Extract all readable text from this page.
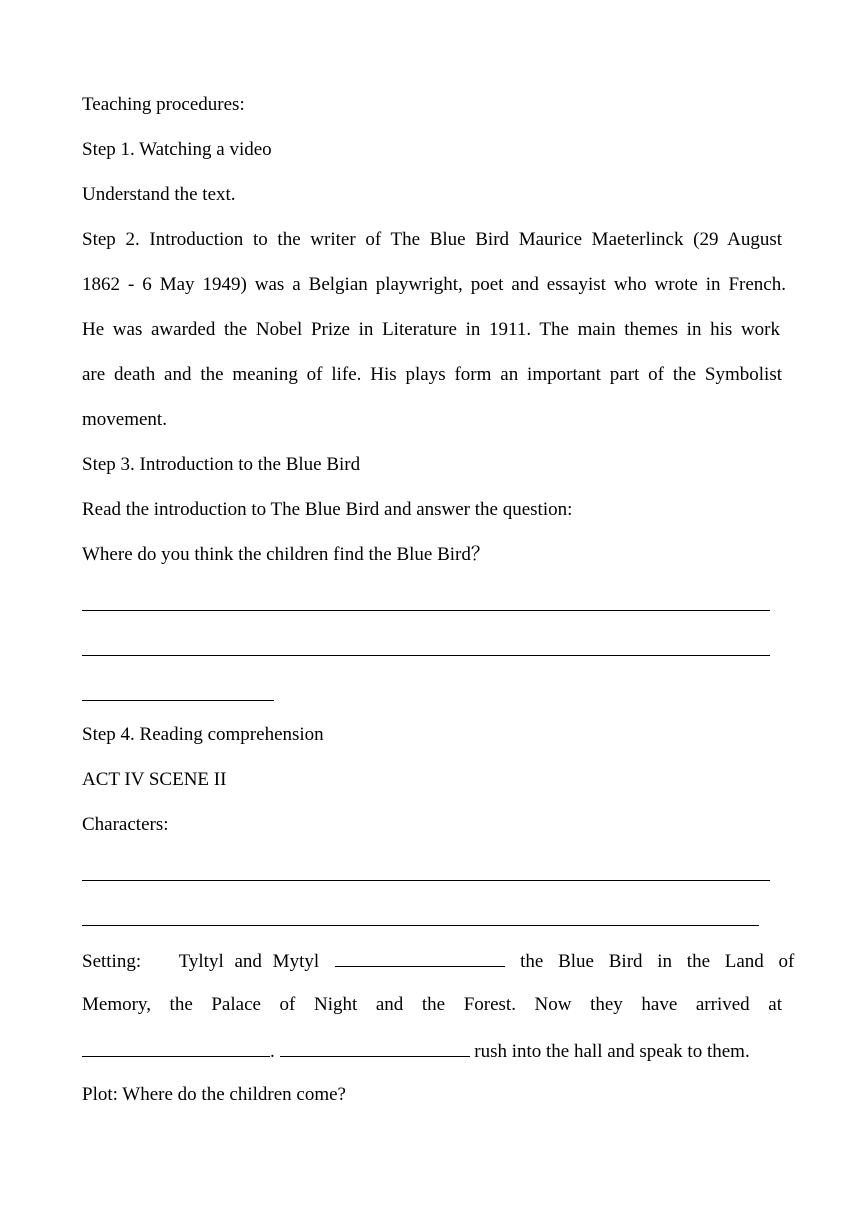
Teaching procedures:
Step 1. Watching a video
Understand the text.
Step 2. Introduction to the writer of The Blue Bird Maurice Maeterlinck (29 August
1862 - 6 May 1949) was a Belgian playwright, poet and essayist who wrote in French.
He was awarded the Nobel Prize in Literature in 1911. The main themes in his work
are death and the meaning of life. His plays form an important part of the Symbolist
movement.
Step 3. Introduction to the Blue Bird
Read the introduction to The Blue Bird and answer the question:
Where do you think the children find the Blue Bird？
Step 4. Reading comprehension
ACT IV SCENE II
Characters:
Setting: Tyltyl and Mytyl	the Blue Bird in the Land of
Memory, the Palace of Night and the Forest. Now they have arrived at
.	rush into the hall and speak to them.
Plot: Where do the children come?
